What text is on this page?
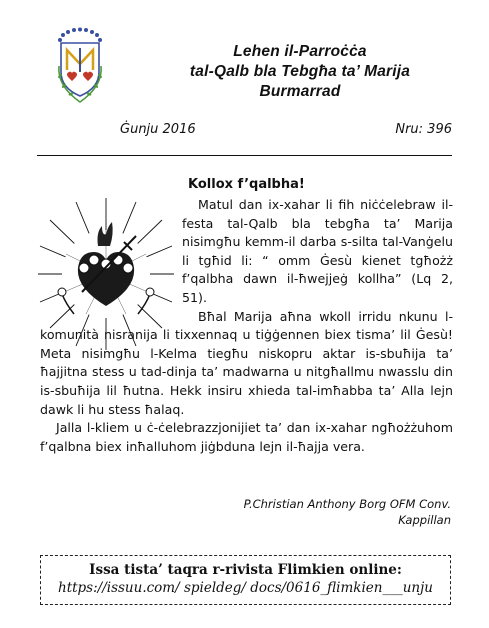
Lehen il-Parroċċa
tal-Qalb bla Tebgħa ta’ Marija
Burmarrad
Ġunju 2016	Nru: 396
Kollox f’qalbha!

Matul dan ix-xahar li fih niċċelebraw il-festa tal-Qalb bla tebgħa ta’ Marija nisimgħu kemm-il darba s-silta tal-Vanġelu li tgħid li: “ omm Ġesù kienet tgħożż f’qalbha dawn il-ħwejjeġ kollha” (Lq 2, 51).

Bħal Marija aħna wkoll irridu nkunu l-komunità nisranija li tixxennaq u tiġġennen biex tisma’ lil Ġesù! Meta nisimgħu l-Kelma tiegħu niskopru aktar is-sbuħija ta’ ħajjitna stess u tad-dinja ta’ madwarna u nitgħallmu nwasslu din is-sbuħija lil ħutna. Hekk insiru xhieda tal-imħabba ta’ Alla lejn dawk li hu stess ħalaq.

Jalla l-kliem u ċ-ċelebrazzjonijiet ta’ dan ix-xahar ngħożżuhom f’qalbna biex inħalluhom jiġbduna lejn il-ħajja vera.

P.Christian Anthony Borg OFM Conv.
Kappillan
Issa tista’ taqra r-rivista Flimkien online:
https://issuu.com/ spieldeg/ docs/0616_flimkien___unju
